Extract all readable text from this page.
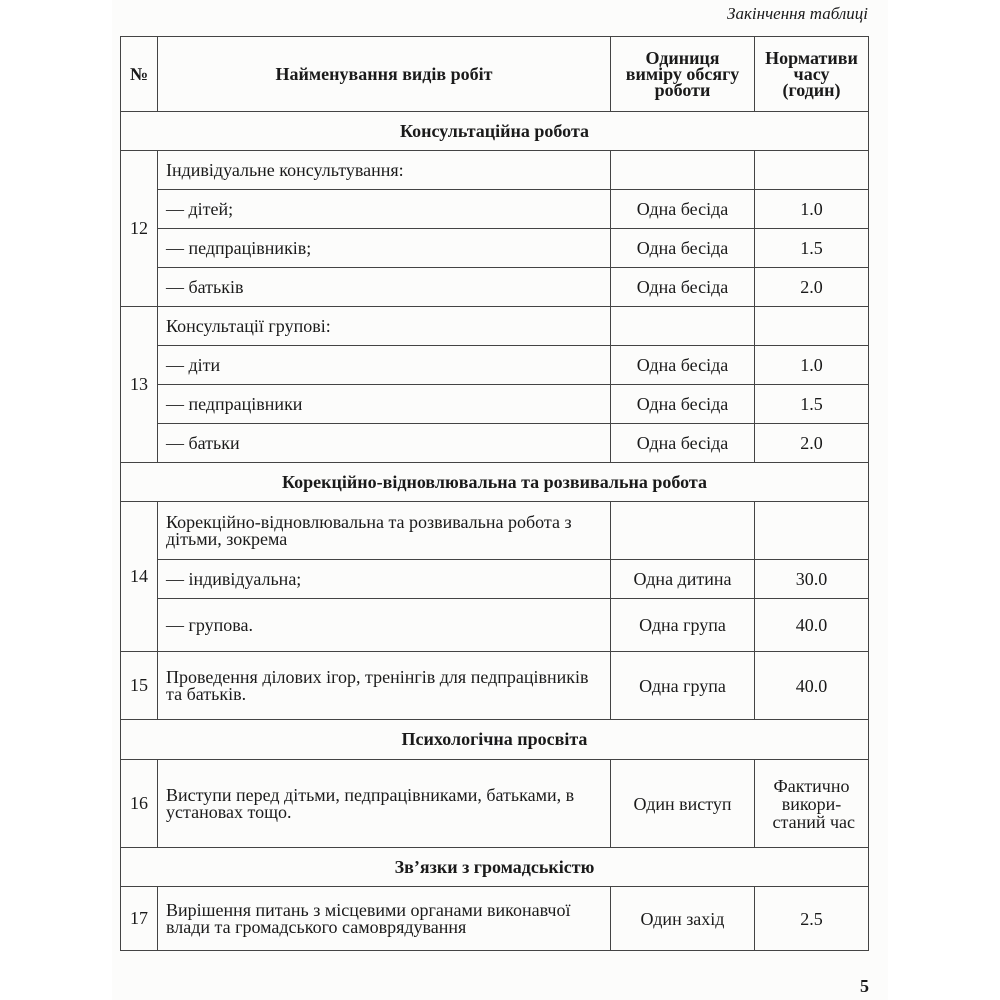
Закінчення таблиці
№	Найменування видів робіт	Одиниця виміру обсягу роботи	Нормативи часу (годин)
Консультаційна робота			
12	Індивідуальне консультування:		
	— дітей;	Одна бесіда	1.0
	— педпрацівників;	Одна бесіда	1.5
	— батьків	Одна бесіда	2.0
13	Консультації групові:		
	— діти	Одна бесіда	1.0
	— педпрацівники	Одна бесіда	1.5
	— батьки	Одна бесіда	2.0
Корекційно-відновлювальна та розвивальна робота			
14	Корекційно-відновлювальна та розвивальна робота з дітьми, зокрема		
	— індивідуальна;	Одна дитина	30.0
	— групова.	Одна група	40.0
15	Проведення ділових ігор, тренінгів для педпрацівників та батьків.	Одна група	40.0
Психологічна просвіта			
16	Виступи перед дітьми, педпрацівниками, батьками, в установах тощо.	Один виступ	Фактично викори- станий час
Зв’язки з громадськістю			
17	Вирішення питань з місцевими органами виконавчої влади та громадського самоврядування	Один захід	2.5
5
